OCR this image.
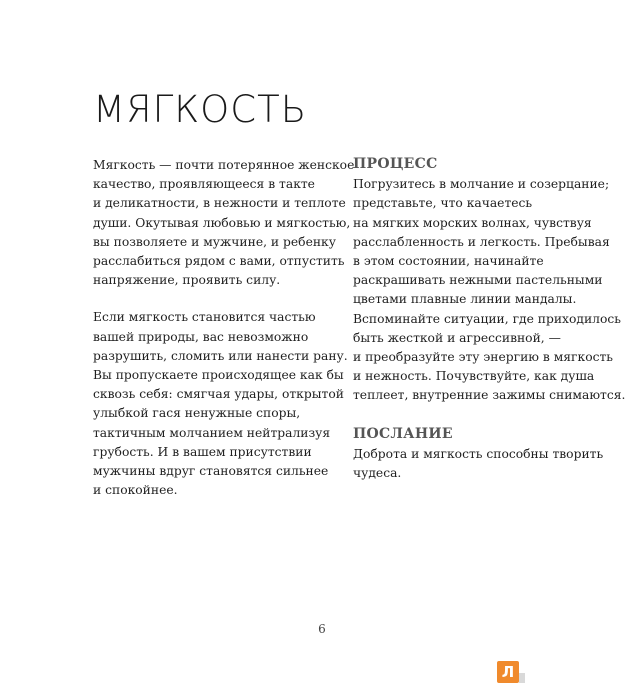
МЯГКОСТЬ

Мягкость — почти потерянное женское
качество, проявляющееся в такте
и деликатности, в нежности и теплоте
души. Окутывая любовью и мягкостью,
вы позволяете и мужчине, и ребенку
расслабиться рядом с вами, отпустить
напряжение, проявить силу.

Если мягкость становится частью
вашей природы, вас невозможно
разрушить, сломить или нанести рану.
Вы пропускаете происходящее как бы
сквозь себя: смягчая удары, открытой
улыбкой гася ненужные споры,
тактичным молчанием нейтрализуя
грубость. И в вашем присутствии
мужчины вдруг становятся сильнее
и спокойнее.

ПРОЦЕСС

Погрузитесь в молчание и созерцание;
представьте, что качаетесь
на мягких морских волнах, чувствуя
расслабленность и легкость. Пребывая
в этом состоянии, начинайте
раскрашивать нежными пастельными
цветами плавные линии мандалы.
Вспоминайте ситуации, где приходилось
быть жесткой и агрессивной, —
и преобразуйте эту энергию в мягкость
и нежность. Почувствуйте, как душа
теплеет, внутренние зажимы снимаются.

ПОСЛАНИЕ

Доброта и мягкость способны творить
чудеса.

6
Л
